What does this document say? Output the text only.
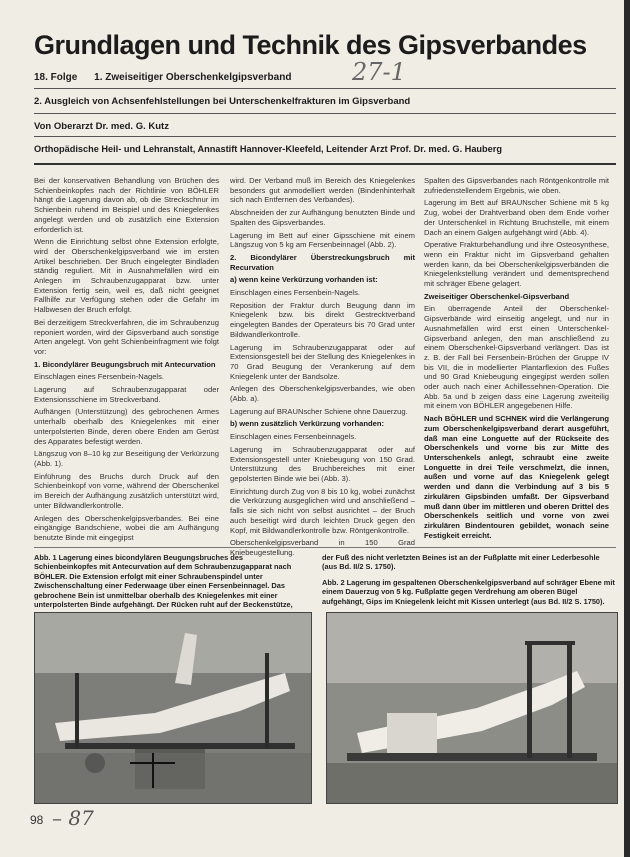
Grundlagen und Technik des Gipsverbandes
18. Folge 1. Zweiseitiger Oberschenkelgipsverband	27-1
2. Ausgleich von Achsenfehlstellungen bei Unterschenkelfrakturen im Gipsverband
Von Oberarzt Dr. med. G. Kutz
Orthopädische Heil- und Lehranstalt, Annastift Hannover-Kleefeld, Leitender Arzt Prof. Dr. med. G. Hauberg

Bei der konservativen Behandlung von Brüchen des Schienbeinkopfes nach der Richtlinie von BÖHLER hängt die Lagerung davon ab, ob die Streckschnur im Schienbein ruhend im Beispiel und des Kniegelenkes angelegt werden und ob zusätzlich eine Extension erforderlich ist.

Wenn die Einrichtung selbst ohne Extension erfolgte, wird der Oberschenkelgipsverband wie im ersten Artikel beschrieben. Der Bruch eingelegter Bindladen ständig reguliert. Mit in Ausnahmefällen wird ein Anlegen im Schraubenzugapparat bzw. unter Extension fertig sein, weil es, daß nicht geeignet Fallhilfe zur Verfügung stehen oder die Gefahr im Halbwesen der Bruch erfolgt.

Bei derzeitigem Streckverfahren, die im Schraubenzug reponiert worden, wird der Gipsverband auch sonstige Arten angelegt. Von geht Schienbeinfragment wie folgt vor:

1. Bicondylärer Beugungsbruch mit Antecurvation

Einschlagen eines Fersenbein-Nagels.

Lagerung auf Schraubenzugapparat oder Extensionsschiene im Streckverband.

Aufhängen (Unterstützung) des gebrochenen Armes unterhalb oberhalb des Kniegelenkes mit einer unterpolsterten Binde, deren obere Enden am Gerüst des Apparates befestigt werden.

Längszug von 8–10 kg zur Beseitigung der Verkürzung (Abb. 1).

Einführung des Bruchs durch Druck auf den Schienbeinkopf von vorne, während der Oberschenkel im Bereich der Aufhängung zusätzlich unterstützt wird, unter Bildwandlerkontrolle.

Anlegen des Oberschenkelgipsverbandes. Bei eine eingängige Bandschiene, wobei die am Aufhängung benutzte Binde mit eingegipst

wird. Der Verband muß im Bereich des Kniegelenkes besonders gut anmodelliert werden (Bindenhinterhalt sich nach Entfernen des Verbandes).

Abschneiden der zur Aufhängung benutzten Binde und Spalten des Gipsverbandes.

Lagerung im Bett auf einer Gipsschiene mit einem Längszug von 5 kg am Fersenbeinnagel (Abb. 2).

2. Bicondylärer Überstreckungsbruch mit Recurvation

a) wenn keine Verkürzung vorhanden ist:

Einschlagen eines Fersenbein-Nagels.

Reposition der Fraktur durch Beugung dann im Kniegelenk bzw. bis direkt Gestrecktverband eingelegten Bandes der Operateurs bis 70 Grad unter Bildwandlerkontrolle.

Lagerung im Schraubenzugapparat oder auf Extensionsgestell bei der Stellung des Kniegelenkes in 70 Grad Beugung der Verankerung auf dem Kniegelenk unter der Bandsolze.

Anlegen des Oberschenkelgipsverbandes, wie oben (Abb. a).

Lagerung auf BRAUNscher Schiene ohne Dauerzug.

b) wenn zusätzlich Verkürzung vorhanden:

Einschlagen eines Fersenbeinnagels.

Lagerung im Schraubenzugapparat oder auf Extensionsgestell unter Kniebeugung von 150 Grad. Unterstützung des Bruchbereiches mit einer gepolsterten Binde wie bei (Abb. 3).

Einrichtung durch Zug von 8 bis 10 kg, wobei zunächst die Verkürzung ausgeglichen wird und anschließend – falls sie sich nicht von selbst ausrichtet – der Bruch auch beseitigt wird durch leichten Druck gegen den Kopf, mit Bildwandlerkontrolle bzw. Röntgenkontrolle.

Oberschenkelgipsverband in 150 Grad Kniebeugestellung.

Spalten des Gipsverbandes nach Röntgenkontrolle mit zufriedenstellendem Ergebnis, wie oben.

Lagerung im Bett auf BRAUNscher Schiene mit 5 kg Zug, wobei der Drahtverband oben dem Ende vorher der Unterschenkel in Richtung Bruchstelle, mit einem Dach an einem Galgen aufgehängt wird (Abb. 4).

Operative Frakturbehandlung und ihre Osteosynthese, wenn ein Fraktur nicht im Gipsverband gehalten werden kann, da bei Oberschenkelgipsverbänden die Kniegelenkstellung verändert und dementsprechend mit schräger Ebene gelagert.

Zweiseitiger Oberschenkel-Gipsverband

Ein überragende Anteil der Oberschenkel-Gipsverbände wird einseitig angelegt, und nur in Ausnahmefällen wird erst einen Unterschenkel-Gipsverband anlegen, den man anschließend zu einem Oberschenkel-Gipsverband verlängert. Das ist z. B. der Fall bei Fersenbein-Brüchen der Gruppe IV bis VII, die in modellierter Plantarflexion des Fußes und 90 Grad Kniebeugung eingegipst werden sollen oder auch nach einer Achillessehnen-Operation. Die Abb. 5a und b zeigen dass eine Lagerung zweiteilig mit einem von BÖHLER angegebenen Hilfe.

Nach BÖHLER und SCHNEK wird die Verlängerung zum Oberschenkelgipsverband derart ausgeführt, daß man eine Longuette auf der Rückseite des Oberschenkels und vorne bis zur Mitte des Unterschenkels anlegt, schraubt eine zweite Longuette in drei Teile verschmelzt, die innen, außen und vorne auf das Kniegelenk gelegt werden und dann die Verbindung auf 3 bis 5 zirkulären Gipsbinden umfaßt. Der Gipsverband muß dann über im mittleren und oberen Drittel des Oberschenkels seitlich und vorne von zwei zirkulären Bindentouren gebildet, wonach seine Festigkeit erreicht.

Abb. 1 Lagerung eines bicondylären Beugungsbruches des Schienbeinkopfes mit Antecurvation auf dem Schraubenzugapparat nach BÖHLER. Die Extension erfolgt mit einer Schraubenspindel unter Zwischenschaltung einer Federwaage über einen Fersenbeinnagel. Das gebrochene Bein ist unmittelbar oberhalb des Kniegelenkes mit einer unterpolsterten Binde aufgehängt. Der Rücken ruht auf der Beckenstütze,
der Fuß des nicht verletzten Beines ist an der Fußplatte mit einer Lederbesohle (aus Bd. II/2 S. 1750).
Abb. 2 Lagerung im gespaltenen Oberschenkelgipsverband auf schräger Ebene mit einem Dauerzug von 5 kg. Fußplatte gegen Verdrehung am oberen Bügel aufgehängt, Gips im Kniegelenk leicht mit Kissen unterlegt (aus Bd. II/2 S. 1750).
98 – 87
